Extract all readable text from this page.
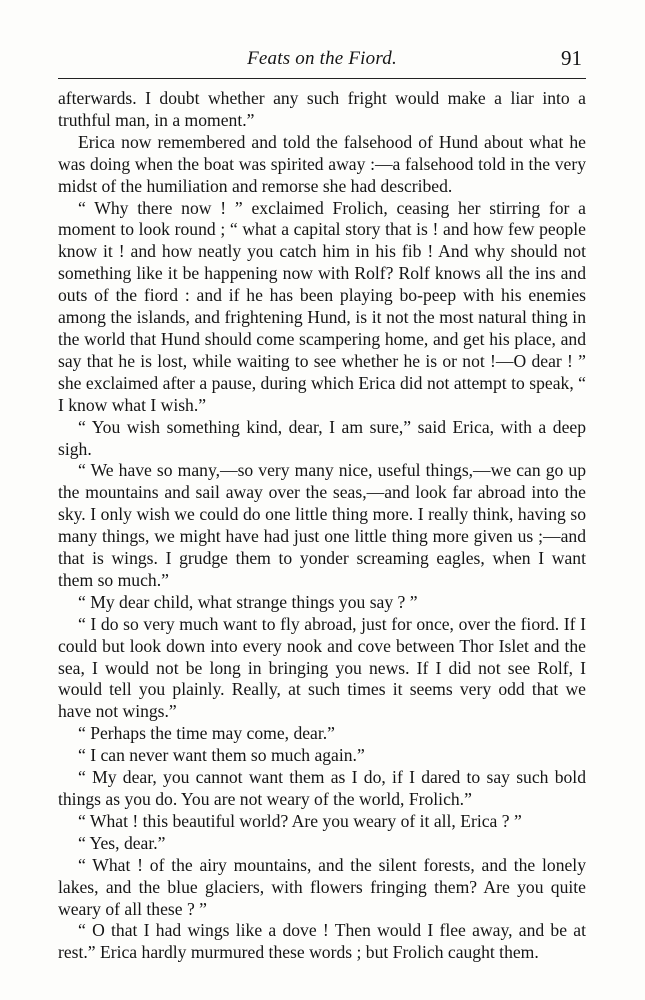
Feats on the Fiord.	91

afterwards. I doubt whether any such fright would make a liar into a truthful man, in a moment.”

Erica now remembered and told the falsehood of Hund about what he was doing when the boat was spirited away :—a falsehood told in the very midst of the humiliation and remorse she had described.

“ Why there now ! ” exclaimed Frolich, ceasing her stirring for a moment to look round ; “ what a capital story that is ! and how few people know it ! and how neatly you catch him in his fib ! And why should not something like it be happening now with Rolf? Rolf knows all the ins and outs of the fiord : and if he has been playing bo-peep with his enemies among the islands, and frightening Hund, is it not the most natural thing in the world that Hund should come scampering home, and get his place, and say that he is lost, while waiting to see whether he is or not !—O dear ! ” she exclaimed after a pause, during which Erica did not attempt to speak, “ I know what I wish.”

“ You wish something kind, dear, I am sure,” said Erica, with a deep sigh.

“ We have so many,—so very many nice, useful things,—we can go up the mountains and sail away over the seas,—and look far abroad into the sky. I only wish we could do one little thing more. I really think, having so many things, we might have had just one little thing more given us ;—and that is wings. I grudge them to yonder screaming eagles, when I want them so much.”

“ My dear child, what strange things you say ? ”

“ I do so very much want to fly abroad, just for once, over the fiord. If I could but look down into every nook and cove between Thor Islet and the sea, I would not be long in bringing you news. If I did not see Rolf, I would tell you plainly. Really, at such times it seems very odd that we have not wings.”

“ Perhaps the time may come, dear.”

“ I can never want them so much again.”

“ My dear, you cannot want them as I do, if I dared to say such bold things as you do. You are not weary of the world, Frolich.”

“ What ! this beautiful world? Are you weary of it all, Erica ? ”

“ Yes, dear.”

“ What ! of the airy mountains, and the silent forests, and the lonely lakes, and the blue glaciers, with flowers fringing them? Are you quite weary of all these ? ”

“ O that I had wings like a dove ! Then would I flee away, and be at rest.” Erica hardly murmured these words ; but Frolich caught them.
